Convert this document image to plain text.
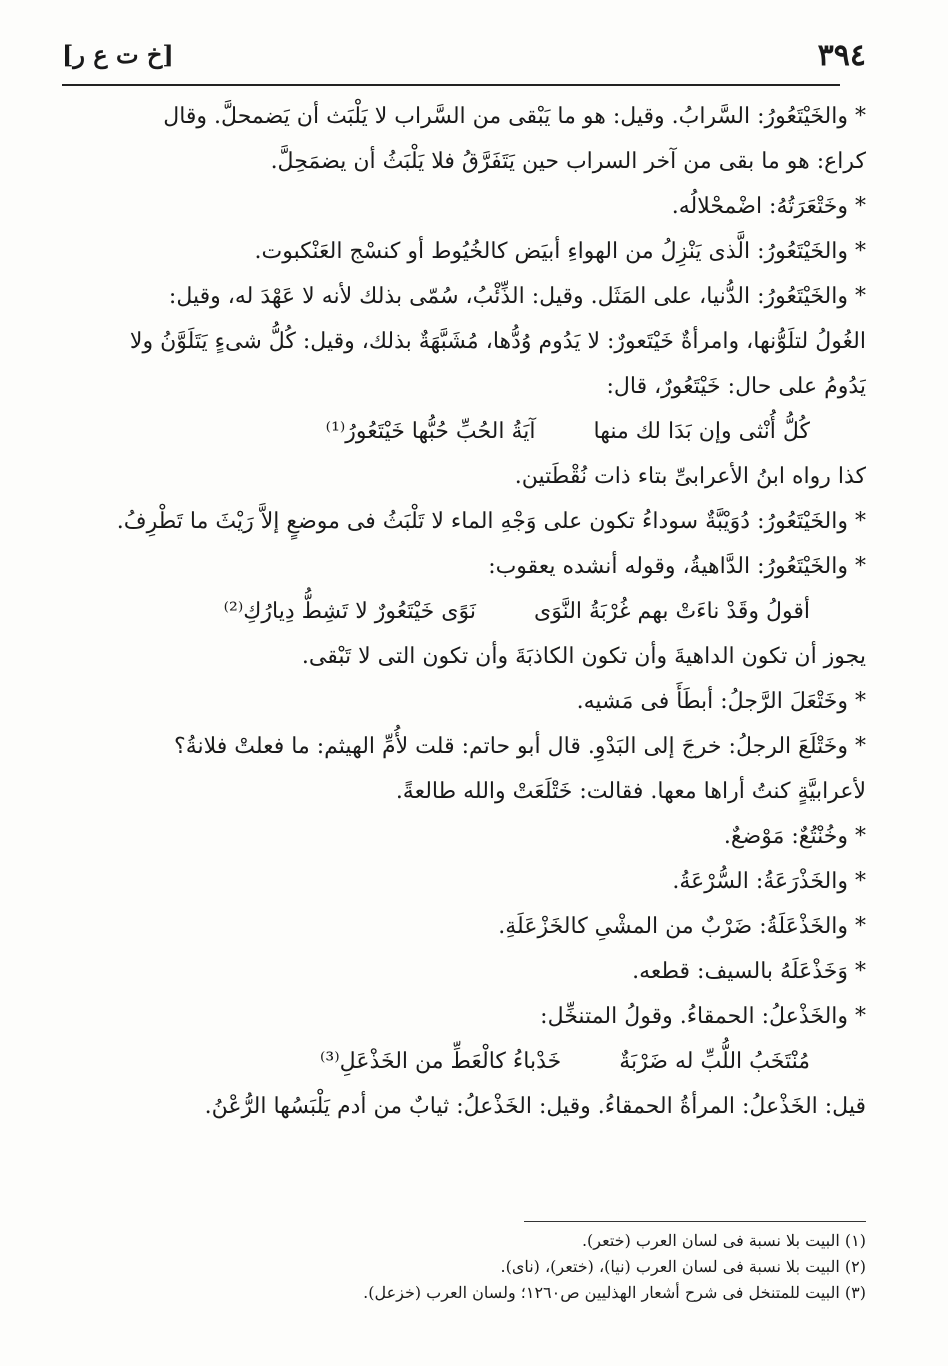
٣٩٤
[خ ت ع ر]
* والخَيْتَعُورُ: السَّرابُ. وقيل: هو ما يَبْقى من السَّراب لا يَلْبَث أن يَضمحلَّ. وقال
كراع: هو ما بقى من آخر السراب حين يَتَفَرَّقُ فلا يَلْبَثُ أن يضمَحِلَّ.
* وخَتْعَرَتُهُ: اضْمحْلالُه.
* والخَيْتَعُورُ: الَّذى يَنْزِلُ من الهواءِ أبيَض كالخُيُوط أو كنسْج العَنْكبوت.
* والخَيْتَعُورُ: الدُّنيا، على المَثَل. وقيل: الذِّئْبُ، سُمّى بذلك لأنه لا عَهْدَ له، وقيل:
الغُولُ لتلَوُّنها، وامرأةٌ خَيْتَعورٌ: لا يَدُوم وُدُّها، مُشَبَّهَةٌ بذلك، وقيل: كُلُّ شىءٍ يَتَلَوَّنُ ولا
يَدُومُ على حال: خَيْتَعُورٌ، قال:
كُلُّ أُنْثى وإن بَدَا لك منها
آيَةُ الحُبِّ حُبُّها خَيْتَعُورُ⁽¹⁾
كذا رواه ابنُ الأعرابىِّ بتاء ذات نُقْطَتين.
* والخَيْتَعُورُ: دُوَيْبَّةٌ سوداءُ تكون على وَجْهِ الماء لا تَلْبَثُ فى موضعٍ إلاَّ رَيْثَ ما تَطْرِفُ.
* والخَيْتَعُورُ: الدَّاهيةُ، وقوله أنشده يعقوب:
أقولُ وقَدْ ناءَتْ بهم غُرْبَةُ النَّوَى
نَوًى خَيْتَعُورٌ لا تَشِطُّ دِيارُكِ⁽²⁾
يجوز أن تكون الداهيةَ وأن تكون الكاذبَةَ وأن تكون التى لا تَبْقى.
* وخَتْعَلَ الرَّجلُ: أبطَأَ فى مَشيه.
* وخَتْلَعَ الرجلُ: خرجَ إلى البَدْوِ. قال أبو حاتم: قلت لأُمِّ الهيثم: ما فعلتْ فلانةُ؟
لأعرابيَّةٍ كنتُ أراها معها. فقالت: خَتْلَعَتْ والله طالعةً.
* وخُنْتُعٌ: مَوْضعٌ.
* والخَذْرَعَةُ: السُّرْعَةُ.
* والخَذْعَلَةُ: ضَرْبٌ من المشْىِ كالخَزْعَلَةِ.
* وَخَذْعَلَهُ بالسيف: قطعه.
* والخَذْعلُ: الحمقاءُ. وقولُ المتنخِّل:
مُنْتَخَبُ اللُّبِّ له ضَرْبَةٌ
خَدْباءُ كالْعَطِّ من الخَذْعَلِ⁽³⁾
قيل: الخَذْعلُ: المرأةُ الحمقاءُ. وقيل: الخَذْعلُ: ثيابٌ من أدم يَلْبَسُها الرُّعْنُ.
(١) البيت بلا نسبة فى لسان العرب (ختعر).
(٢) البيت بلا نسبة فى لسان العرب (نيا)، (ختعر)، (ناى).
(٣) البيت للمتنخل فى شرح أشعار الهذليين ص١٢٦٠؛ ولسان العرب (خزعل).
